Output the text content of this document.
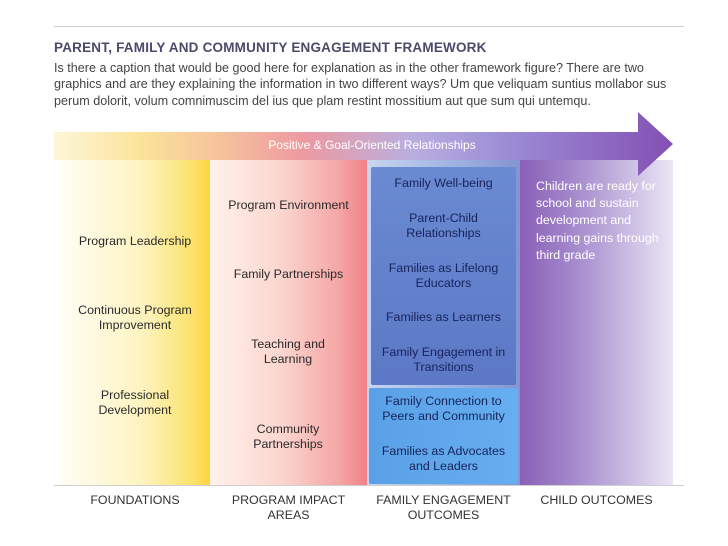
PARENT, FAMILY AND COMMUNITY ENGAGEMENT FRAMEWORK
Is there a caption that would be good here for explanation as in the other framework figure? There are two graphics and are they explaining the information in two different ways? Um que veliquam suntius mollabor sus perum dolorit, volum comnimuscim del ius que plam restint mossitium aut que sum qui untemqu.
Positive & Goal-Oriented Relationships
Program Leadership
Continuous Program Improvement
Professional Development
Program Environment
Family Partnerships
Teaching and Learning
Community Partnerships
Family Well-being
Parent-Child Relationships
Families as Lifelong Educators
Families as Learners
Family Engagement in Transitions
Family Connection to Peers and Community
Families as Advocates and Leaders
Children are ready for school and sustain development and learning gains through third grade
FOUNDATIONS	PROGRAM IMPACT AREAS
FAMILY ENGAGEMENT OUTCOMES
CHILD OUTCOMES
